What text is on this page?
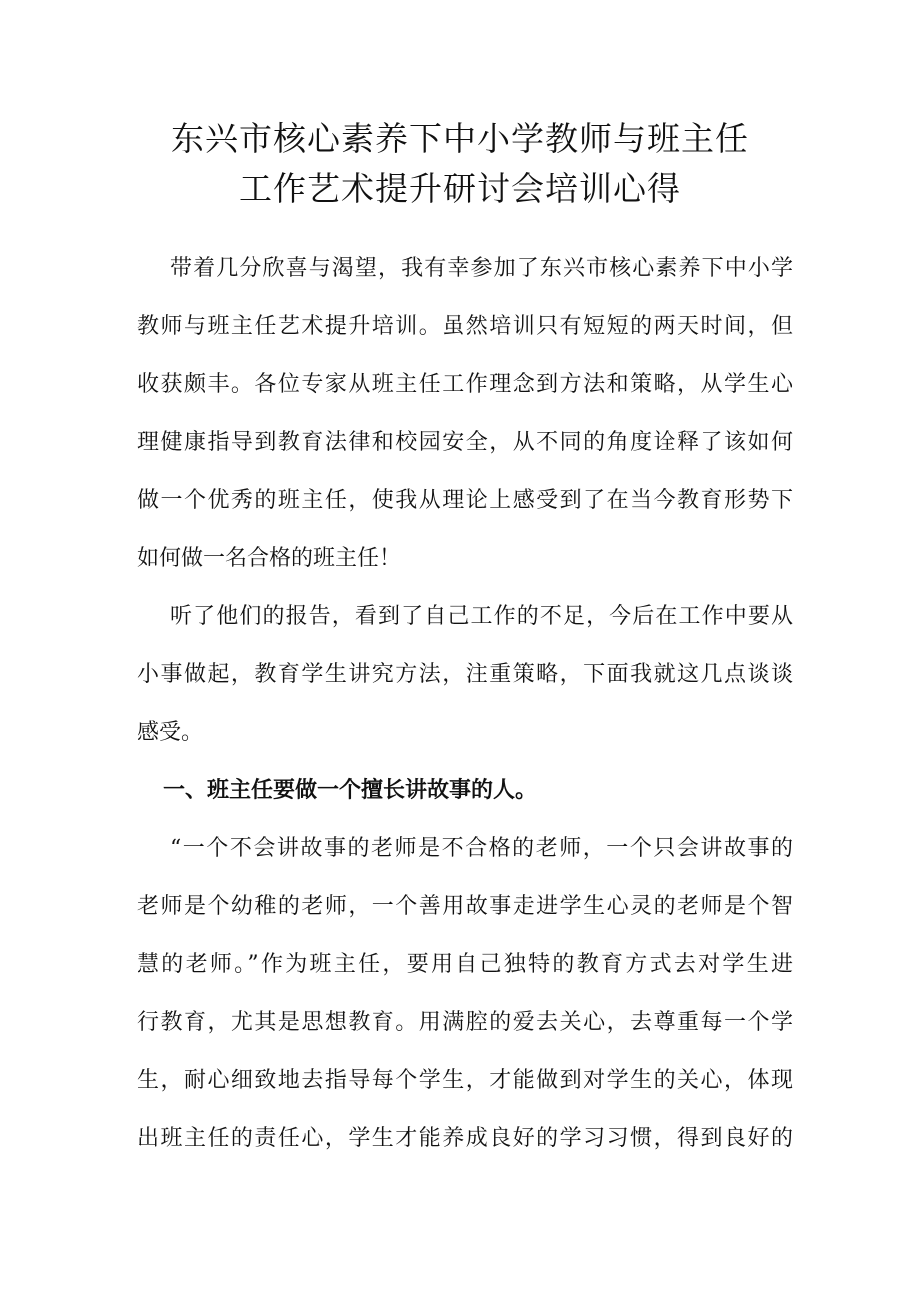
东兴市核心素养下中小学教师与班主任
工作艺术提升研讨会培训心得
带着几分欣喜与渴望，我有幸参加了东兴市核心素养下中小学
教师与班主任艺术提升培训。虽然培训只有短短的两天时间，但
收获颇丰。各位专家从班主任工作理念到方法和策略，从学生心
理健康指导到教育法律和校园安全，从不同的角度诠释了该如何
做一个优秀的班主任，使我从理论上感受到了在当今教育形势下
如何做一名合格的班主任！
听了他们的报告，看到了自己工作的不足，今后在工作中要从
小事做起，教育学生讲究方法，注重策略，下面我就这几点谈谈
感受。
一、班主任要做一个擅长讲故事的人。
“一个不会讲故事的老师是不合格的老师，一个只会讲故事的
老师是个幼稚的老师，一个善用故事走进学生心灵的老师是个智
慧的老师。”作为班主任，要用自己独特的教育方式去对学生进
行教育，尤其是思想教育。用满腔的爱去关心，去尊重每一个学
生，耐心细致地去指导每个学生，才能做到对学生的关心，体现
出班主任的责任心，学生才能养成良好的学习习惯，得到良好的
